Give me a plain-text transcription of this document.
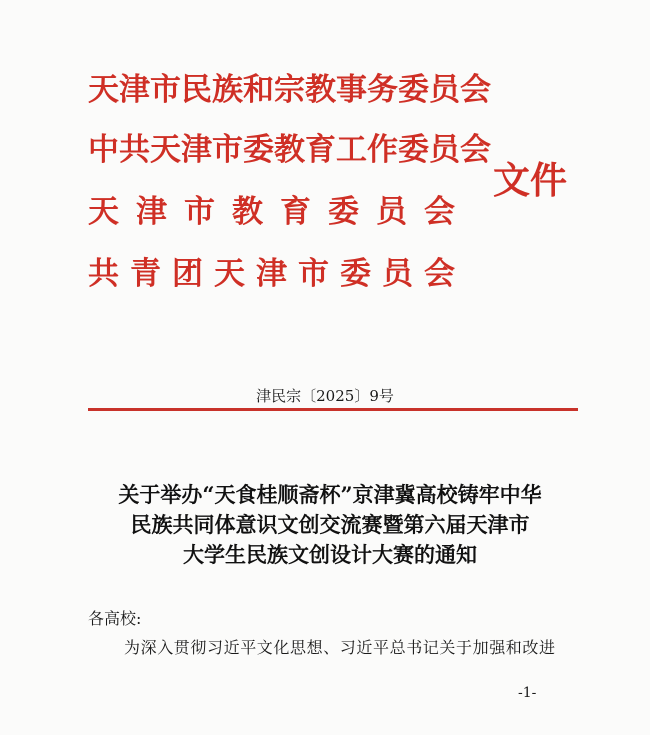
天津市民族和宗教事务委员会
中共天津市委教育工作委员会
天津市教育委员会
共青团天津市委员会
文件
津民宗〔2025〕9号
关于举办“天食桂顺斋杯”京津冀高校铸牢中华
民族共同体意识文创交流赛暨第六届天津市
大学生民族文创设计大赛的通知
各高校:
为深入贯彻习近平文化思想、习近平总书记关于加强和改进
-1-
